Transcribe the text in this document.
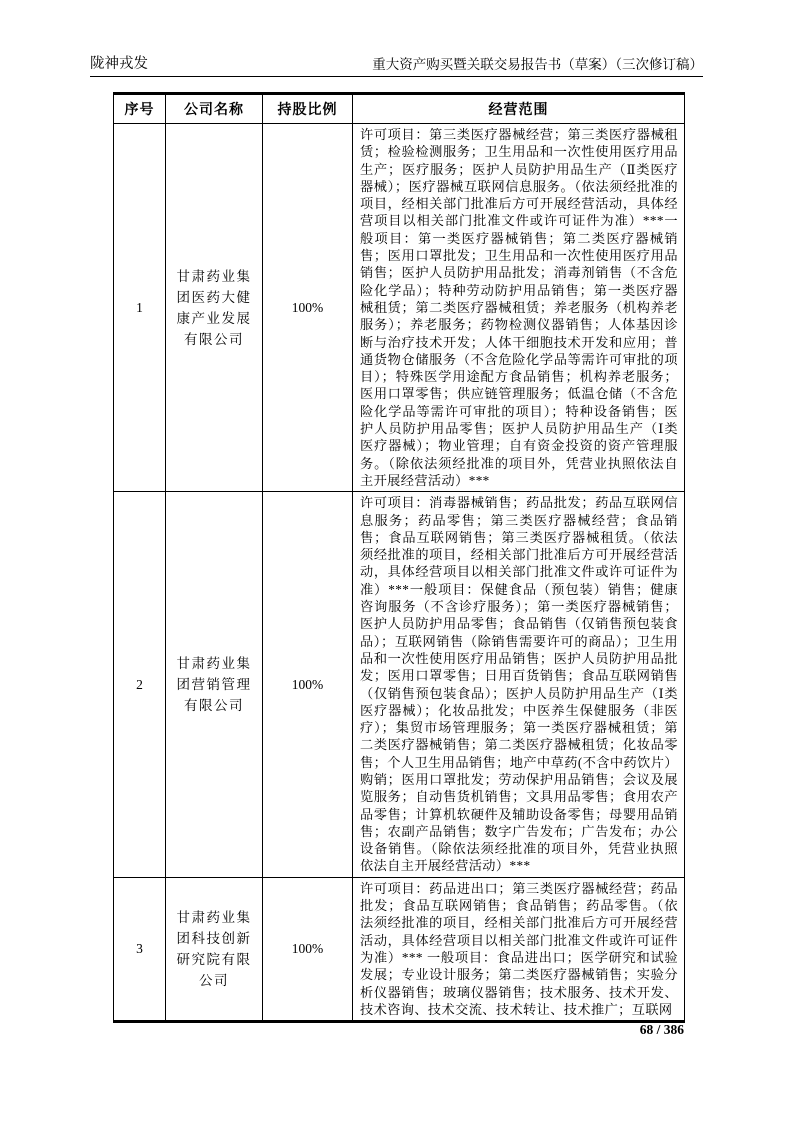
陇神戎发	重大资产购买暨关联交易报告书（草案）（三次修订稿）
序号	公司名称	持股比例	经营范围
1	甘肃药业集团医药大健康产业发展有限公司	100%	许可项目：第三类医疗器械经营；第三类医疗器械租赁；检验检测服务；卫生用品和一次性使用医疗用品生产；医疗服务；医护人员防护用品生产（Ⅱ类医疗器械）；医疗器械互联网信息服务。（依法须经批准的项目，经相关部门批准后方可开展经营活动，具体经营项目以相关部门批准文件或许可证件为准）***一般项目：第一类医疗器械销售；第二类医疗器械销售；医用口罩批发；卫生用品和一次性使用医疗用品销售；医护人员防护用品批发；消毒剂销售（不含危险化学品）；特种劳动防护用品销售；第一类医疗器械租赁；第二类医疗器械租赁；养老服务（机构养老服务）；养老服务；药物检测仪器销售；人体基因诊断与治疗技术开发；人体干细胞技术开发和应用；普通货物仓储服务（不含危险化学品等需许可审批的项目）；特殊医学用途配方食品销售；机构养老服务；医用口罩零售；供应链管理服务；低温仓储（不含危险化学品等需许可审批的项目）；特种设备销售；医护人员防护用品零售；医护人员防护用品生产（Ⅰ类医疗器械）；物业管理；自有资金投资的资产管理服务。（除依法须经批准的项目外，凭营业执照依法自主开展经营活动）***
2	甘肃药业集团营销管理有限公司	100%	许可项目：消毒器械销售；药品批发；药品互联网信息服务；药品零售；第三类医疗器械经营；食品销售；食品互联网销售；第三类医疗器械租赁。（依法须经批准的项目，经相关部门批准后方可开展经营活动，具体经营项目以相关部门批准文件或许可证件为准）***一般项目：保健食品（预包装）销售；健康咨询服务（不含诊疗服务）；第一类医疗器械销售；医护人员防护用品零售；食品销售（仅销售预包装食品）；互联网销售（除销售需要许可的商品）；卫生用品和一次性使用医疗用品销售；医护人员防护用品批发；医用口罩零售；日用百货销售；食品互联网销售（仅销售预包装食品）；医护人员防护用品生产（Ⅰ类医疗器械）；化妆品批发；中医养生保健服务（非医疗）；集贸市场管理服务；第一类医疗器械租赁；第二类医疗器械销售；第二类医疗器械租赁；化妆品零售；个人卫生用品销售；地产中草药(不含中药饮片）购销；医用口罩批发；劳动保护用品销售；会议及展览服务；自动售货机销售；文具用品零售；食用农产品零售；计算机软硬件及辅助设备零售；母婴用品销售；农副产品销售；数字广告发布；广告发布；办公设备销售。（除依法须经批准的项目外，凭营业执照依法自主开展经营活动）***
3	甘肃药业集团科技创新研究院有限公司	100%	许可项目：药品进出口；第三类医疗器械经营；药品批发；食品互联网销售；食品销售；药品零售。（依法须经批准的项目，经相关部门批准后方可开展经营活动，具体经营项目以相关部门批准文件或许可证件为准）*** 一般项目：食品进出口；医学研究和试验发展；专业设计服务；第二类医疗器械销售；实验分析仪器销售；玻璃仪器销售；技术服务、技术开发、技术咨询、技术交流、技术转让、技术推广；互联网
68 / 386
